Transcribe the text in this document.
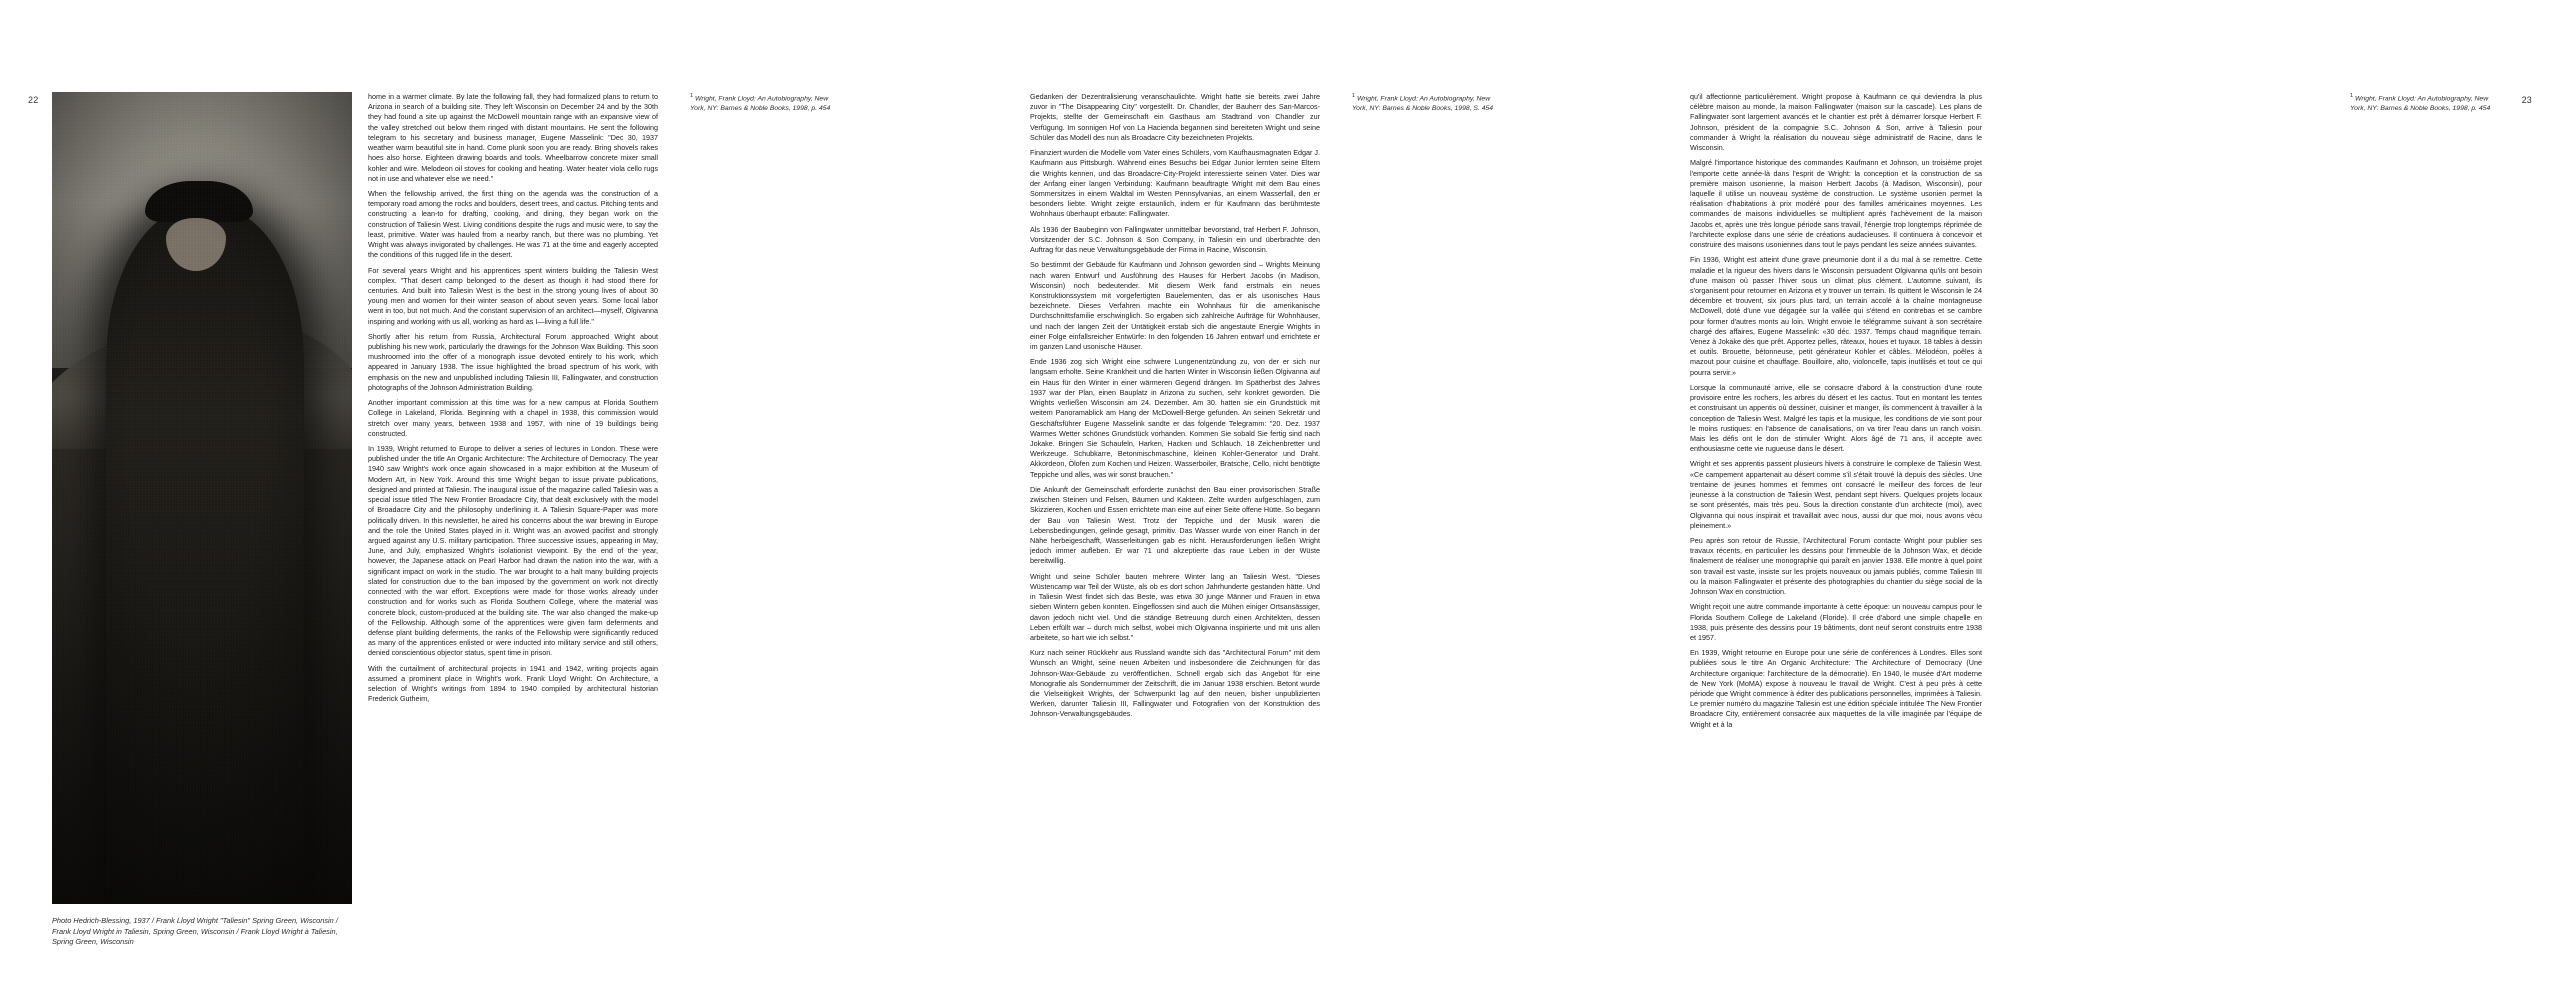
22	23
Photo Hedrich-Blessing, 1937 / Frank Lloyd Wright "Taliesin" Spring Green, Wisconsin / Frank Lloyd Wright in Taliesin, Spring Green, Wisconsin / Frank Lloyd Wright à Taliesin, Spring Green, Wisconsin

home in a warmer climate. By late the following fall, they had formalized plans to return to Arizona in search of a building site. They left Wisconsin on December 24 and by the 30th they had found a site up against the McDowell mountain range with an expansive view of the valley stretched out below them ringed with distant mountains. He sent the following telegram to his secretary and business manager, Eugene Masselink: "Dec 30, 1937 weather warm beautiful site in hand. Come plunk soon you are ready. Bring shovels rakes hoes also horse. Eighteen drawing boards and tools. Wheelbarrow concrete mixer small kohler and wire. Melodeon oil stoves for cooking and heating. Water heater viola cello rugs not in use and whatever else we need."

When the fellowship arrived, the first thing on the agenda was the construction of a temporary road among the rocks and boulders, desert trees, and cactus. Pitching tents and constructing a lean-to for drafting, cooking, and dining, they began work on the construction of Taliesin West. Living conditions despite the rugs and music were, to say the least, primitive. Water was hauled from a nearby ranch, but there was no plumbing. Yet Wright was always invigorated by challenges. He was 71 at the time and eagerly accepted the conditions of this rugged life in the desert.

For several years Wright and his apprentices spent winters building the Taliesin West complex. "That desert camp belonged to the desert as though it had stood there for centuries. And built into Taliesin West is the best in the strong young lives of about 30 young men and women for their winter season of about seven years. Some local labor went in too, but not much. And the constant supervision of an architect—myself, Olgivanna inspiring and working with us all, working as hard as I—living a full life."

Shortly after his return from Russia, Architectural Forum approached Wright about publishing his new work, particularly the drawings for the Johnson Wax Building. This soon mushroomed into the offer of a monograph issue devoted entirely to his work, which appeared in January 1938. The issue highlighted the broad spectrum of his work, with emphasis on the new and unpublished including Taliesin III, Fallingwater, and construction photographs of the Johnson Administration Building.

Another important commission at this time was for a new campus at Florida Southern College in Lakeland, Florida. Beginning with a chapel in 1938, this commission would stretch over many years, between 1938 and 1957, with nine of 19 buildings being constructed.

In 1939, Wright returned to Europe to deliver a series of lectures in London. These were published under the title An Organic Architecture: The Architecture of Democracy. The year 1940 saw Wright's work once again showcased in a major exhibition at the Museum of Modern Art, in New York. Around this time Wright began to issue private publications, designed and printed at Taliesin. The inaugural issue of the magazine called Taliesin was a special issue titled The New Frontier Broadacre City, that dealt exclusively with the model of Broadacre City and the philosophy underlining it. A Taliesin Square-Paper was more politically driven. In this newsletter, he aired his concerns about the war brewing in Europe and the role the United States played in it. Wright was an avowed pacifist and strongly argued against any U.S. military participation. Three successive issues, appearing in May, June, and July, emphasized Wright's isolationist viewpoint. By the end of the year, however, the Japanese attack on Pearl Harbor had drawn the nation into the war, with a significant impact on work in the studio. The war brought to a halt many building projects slated for construction due to the ban imposed by the government on work not directly connected with the war effort. Exceptions were made for those works already under construction and for works such as Florida Southern College, where the material was concrete block, custom-produced at the building site. The war also changed the make-up of the Fellowship. Although some of the apprentices were given farm deferments and defense plant building deferments, the ranks of the Fellowship were significantly reduced as many of the apprentices enlisted or were inducted into military service and still others, denied conscientious objector status, spent time in prison.

With the curtailment of architectural projects in 1941 and 1942, writing projects again assumed a prominent place in Wright's work. Frank Lloyd Wright: On Architecture, a selection of Wright's writings from 1894 to 1940 compiled by architectural historian Frederick Gutheim,

$^1$ Wright, Frank Lloyd: An Autobiography, New York, NY: Barnes & Noble Books, 1998, p. 454

Gedanken der Dezentralisierung veranschaulichte. Wright hatte sie bereits zwei Jahre zuvor in "The Disappearing City" vorgestellt. Dr. Chandler, der Bauherr des San-Marcos-Projekts, stellte der Gemeinschaft ein Gasthaus am Stadtrand von Chandler zur Verfügung. Im sonnigen Hof von La Hacienda begannen sind bereiteten Wright und seine Schüler das Modell des nun als Broadacre City bezeichneten Projekts.

Finanziert wurden die Modelle vom Vater eines Schülers, vom Kaufhausmagnaten Edgar J. Kaufmann aus Pittsburgh. Während eines Besuchs bei Edgar Junior lernten seine Eltern die Wrights kennen, und das Broadacre-City-Projekt interessierte seinen Vater. Dies war der Anfang einer langen Verbindung: Kaufmann beauftragte Wright mit dem Bau eines Sommersitzes in einem Waldtal im Westen Pennsylvanias, an einem Wasserfall, den er besonders liebte. Wright zeigte erstaunlich, indem er für Kaufmann das berühmteste Wohnhaus überhaupt erbaute: Fallingwater.

Als 1936 der Baubeginn von Fallingwater unmittelbar bevorstand, traf Herbert F. Johnson, Vorsitzender der S.C. Johnson & Son Company, in Taliesin ein und überbrachte den Auftrag für das neue Verwaltungsgebäude der Firma in Racine, Wisconsin.

So bestimmt der Gebäude für Kaufmann und Johnson geworden sind – Wrights Meinung nach waren Entwurf und Ausführung des Hauses für Herbert Jacobs (in Madison, Wisconsin) noch bedeutender. Mit diesem Werk fand erstmals ein neues Konstruktionssystem mit vorgefertigten Bauelementen, das er als usonisches Haus bezeichnete. Dieses Verfahren machte ein Wohnhaus für die amerikanische Durchschnittsfamilie erschwinglich. So ergaben sich zahlreiche Aufträge für Wohnhäuser, und nach der langen Zeit der Untätigkeit erstab sich die angestaute Energie Wrights in einer Folge einfallsreicher Entwürfe: In den folgenden 16 Jahren entwarf und errichtete er im ganzen Land usonische Häuser.

Ende 1936 zog sich Wright eine schwere Lungenentzündung zu, von der er sich nur langsam erholte. Seine Krankheit und die harten Winter in Wisconsin ließen Olgivanna auf ein Haus für den Winter in einer wärmeren Gegend drängen. Im Spätherbst des Jahres 1937 war der Plan, einen Bauplatz in Arizona zu suchen, sehr konkret geworden. Die Wrights verließen Wisconsin am 24. Dezember. Am 30. hatten sie ein Grundstück mit weitem Panoramablick am Hang der McDowell-Berge gefunden. An seinen Sekretär und Geschäftsführer Eugene Masselink sandte er das folgende Telegramm: "20. Dez. 1937 Warmes Wetter schönes Grundstück vorhanden. Kommen Sie sobald Sie fertig sind nach Jokake. Bringen Sie Schaufeln, Harken, Hacken und Schlauch. 18 Zeichenbretter und Werkzeuge. Schubkarre, Betonmischmaschine, kleinen Kohler-Generator und Draht. Akkordeon, Ölofen zum Kochen und Heizen. Wasserboiler, Bratsche, Cello, nicht benötigte Teppiche und alles, was wir sonst brauchen."

Die Ankunft der Gemeinschaft erforderte zunächst den Bau einer provisorischen Straße zwischen Steinen und Felsen, Bäumen und Kakteen. Zelte wurden aufgeschlagen, zum Skizzieren, Kochen und Essen errichtete man eine auf einer Seite offene Hütte. So begann der Bau von Taliesin West. Trotz der Teppiche und der Musik waren die Lebensbedingungen, gelinde gesagt, primitiv. Das Wasser wurde von einer Ranch in der Nähe herbeigeschafft, Wasserleitungen gab es nicht. Herausforderungen ließen Wright jedoch immer aufleben. Er war 71 und akzeptierte das raue Leben in der Wüste bereitwillig.

Wright und seine Schüler bauten mehrere Winter lang an Taliesin West. "Dieses Wüstencamp war Teil der Wüste, als ob es dort schon Jahrhunderte gestanden hätte. Und in Taliesin West findet sich das Beste, was etwa 30 junge Männer und Frauen in etwa sieben Wintern geben konnten. Eingeflossen sind auch die Mühen einiger Ortsansässiger, davon jedoch nicht viel. Und die ständige Betreuung durch einen Architekten, dessen Leben erfüllt war – durch mich selbst, wobei mich Olgivanna inspirierte und mit uns allen arbeitete, so hart wie ich selbst."

Kurz nach seiner Rückkehr aus Russland wandte sich das "Architectural Forum" mit dem Wunsch an Wright, seine neuen Arbeiten und insbesondere die Zeichnungen für das Johnson-Wax-Gebäude zu veröffentlichen. Schnell ergab sich das Angebot für eine Monografie als Sondernummer der Zeitschrift, die im Januar 1938 erschien. Betont wurde die Vielseitigkeit Wrights, der Schwerpunkt lag auf den neuen, bisher unpublizierten Werken, darunter Taliesin III, Fallingwater und Fotografien von der Konstruktion des Johnson-Verwaltungsgebäudes.

$^1$ Wright, Frank Lloyd: An Autobiography, New York, NY: Barnes & Noble Books, 1998, S. 454

qu'il affectionne particulièrement. Wright propose à Kaufmann ce qui deviendra la plus célèbre maison au monde, la maison Fallingwater (maison sur la cascade). Les plans de Fallingwater sont largement avancés et le chantier est prêt à démarrer lorsque Herbert F. Johnson, président de la compagnie S.C. Johnson & Son, arrive à Taliesin pour commander à Wright la réalisation du nouveau siège administratif de Racine, dans le Wisconsin.

Malgré l'importance historique des commandes Kaufmann et Johnson, un troisième projet l'emporte cette année-là dans l'esprit de Wright: la conception et la construction de sa première maison usonienne, la maison Herbert Jacobs (à Madison, Wisconsin), pour laquelle il utilise un nouveau système de construction. Le système usonien permet la réalisation d'habitations à prix modéré pour des familles américaines moyennes. Les commandes de maisons individuelles se multiplient après l'achèvement de la maison Jacobs et, après une très longue période sans travail, l'énergie trop longtemps réprimée de l'architecte explose dans une série de créations audacieuses. Il continuera à concevoir et construire des maisons usoniennes dans tout le pays pendant les seize années suivantes.

Fin 1936, Wright est atteint d'une grave pneumonie dont il a du mal à se remettre. Cette maladie et la rigueur des hivers dans le Wisconsin persuadent Olgivanna qu'ils ont besoin d'une maison où passer l'hiver sous un climat plus clément. L'automne suivant, ils s'organisent pour retourner en Arizona et y trouver un terrain. Ils quittent le Wisconsin le 24 décembre et trouvent, six jours plus tard, un terrain accolé à la chaîne montagneuse McDowell, doté d'une vue dégagée sur la vallée qui s'étend en contrebas et se cambre pour former d'autres monts au loin. Wright envoie le télégramme suivant à son secrétaire chargé des affaires, Eugene Masselink: «30 déc. 1937. Temps chaud magnifique terrain. Venez à Jokake dès que prêt. Apportez pelles, râteaux, houes et tuyaux. 18 tables à dessin et outils. Brouette, bétonneuse, petit générateur Kohler et câbles. Mélodéon, poêles à mazout pour cuisine et chauffage. Bouilloire, alto, violoncelle, tapis inutilisés et tout ce qui pourra servir.»

Lorsque la communauté arrive, elle se consacre d'abord à la construction d'une route provisoire entre les rochers, les arbres du désert et les cactus. Tout en montant les tentes et construisant un appentis où dessiner, cuisiner et manger, ils commencent à travailler à la conception de Taliesin West. Malgré les tapis et la musique, les conditions de vie sont pour le moins rustiques: en l'absence de canalisations, on va tirer l'eau dans un ranch voisin. Mais les défis ont le don de stimuler Wright. Alors âgé de 71 ans, il accepte avec enthousiasme cette vie rugueuse dans le désert.

Wright et ses apprentis passent plusieurs hivers à construire le complexe de Taliesin West. «Ce campement appartenait au désert comme s'il s'était trouvé là depuis des siècles. Une trentaine de jeunes hommes et femmes ont consacré le meilleur des forces de leur jeunesse à la construction de Taliesin West, pendant sept hivers. Quelques projets locaux se sont présentés, mais très peu. Sous la direction constante d'un architecte (moi), avec Olgivanna qui nous inspirait et travaillait avec nous, aussi dur que moi, nous avons vécu pleinement.»

Peu après son retour de Russie, l'Architectural Forum contacte Wright pour publier ses travaux récents, en particulier les dessins pour l'immeuble de la Johnson Wax, et décide finalement de réaliser une monographie qui paraît en janvier 1938. Elle montre à quel point son travail est vaste, insiste sur les projets nouveaux ou jamais publiés, comme Taliesin III ou la maison Fallingwater et présente des photographies du chantier du siège social de la Johnson Wax en construction.

Wright reçoit une autre commande importante à cette époque: un nouveau campus pour le Florida Southern College de Lakeland (Floride). Il crée d'abord une simple chapelle en 1938, puis présente des dessins pour 19 bâtiments, dont neuf seront construits entre 1938 et 1957.

En 1939, Wright retourne en Europe pour une série de conférences à Londres. Elles sont publiées sous le titre An Organic Architecture: The Architecture of Democracy (Une Architecture organique: l'architecture de la démocratie). En 1940, le musée d'Art moderne de New York (MoMA) expose à nouveau le travail de Wright. C'est à peu près à cette période que Wright commence à éditer des publications personnelles, imprimées à Taliesin. Le premier numéro du magazine Taliesin est une édition spéciale intitulée The New Frontier Broadacre City, entièrement consacrée aux maquettes de la ville imaginée par l'équipe de Wright et à la

$^1$ Wright, Frank Lloyd: An Autobiography, New York, NY: Barnes & Noble Books, 1998, p. 454
